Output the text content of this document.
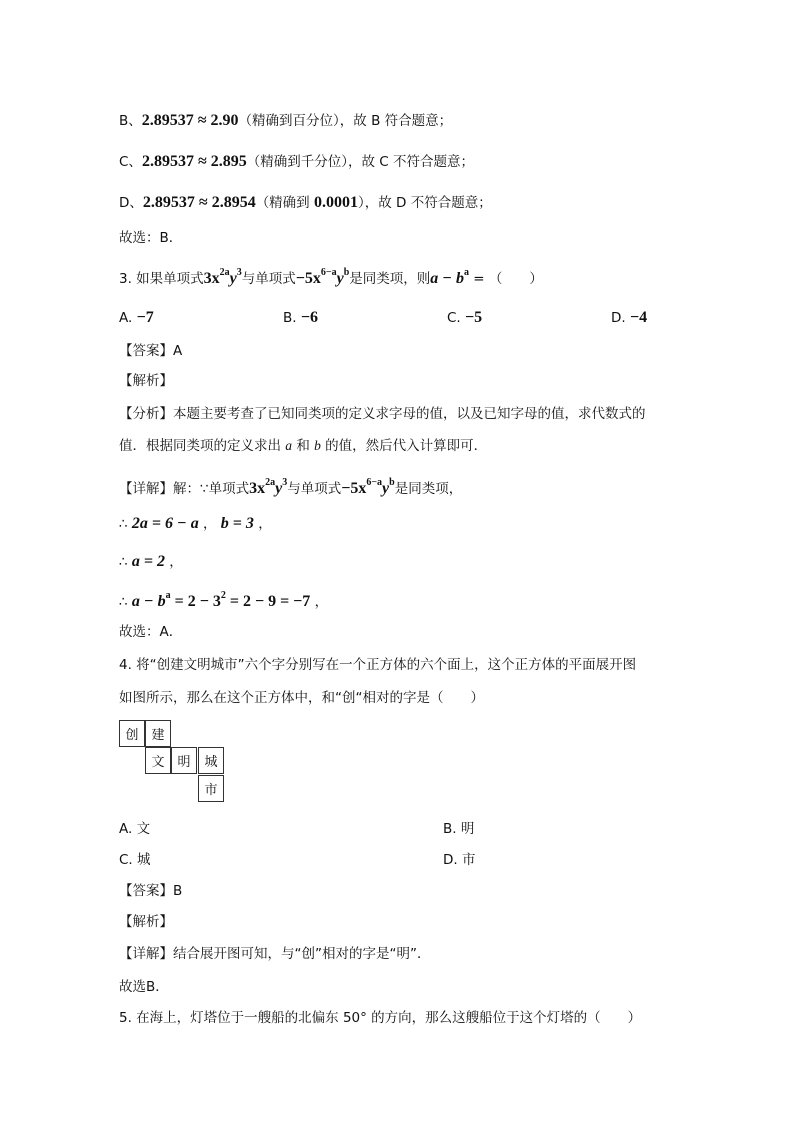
B、2.89537 ≈ 2.90（精确到百分位），故 B 符合题意；
C、2.89537 ≈ 2.895（精确到千分位），故 C 不符合题意；
D、2.89537 ≈ 2.8954（精确到 0.0001），故 D 不符合题意；
故选：B．
3. 如果单项式$3x^{2a}y^3$与单项式$-5x^{6-a}y^b$是同类项，则$a - b^a$ = （　　）
A. −7	B. −6	C. −5	D. −4
【答案】A
【解析】
【分析】本题主要考查了已知同类项的定义求字母的值，以及已知字母的值，求代数式的
值．根据同类项的定义求出 a 和 b 的值，然后代入计算即可．
【详解】解：∵单项式$3x^{2a}y^3$与单项式$-5x^{6-a}y^b$是同类项，
∴ 2a = 6 − a ， b = 3 ，
∴ a = 2 ，
∴ $a - b^a = 2 - 3^2 = 2 - 9 = -7$ ，
故选：A．
4. 将“创建文明城市”六个字分别写在一个正方体的六个面上，这个正方体的平面展开图
如图所示，那么在这个正方体中，和“创“相对的字是（　　）
A. 文	B. 明
C. 城	D. 市
【答案】B
【解析】
【详解】结合展开图可知，与“创”相对的字是“明”．
故选B．
5. 在海上，灯塔位于一艘船的北偏东 50° 的方向，那么这艘船位于这个灯塔的（　　）
创 建
文 明	城
市
